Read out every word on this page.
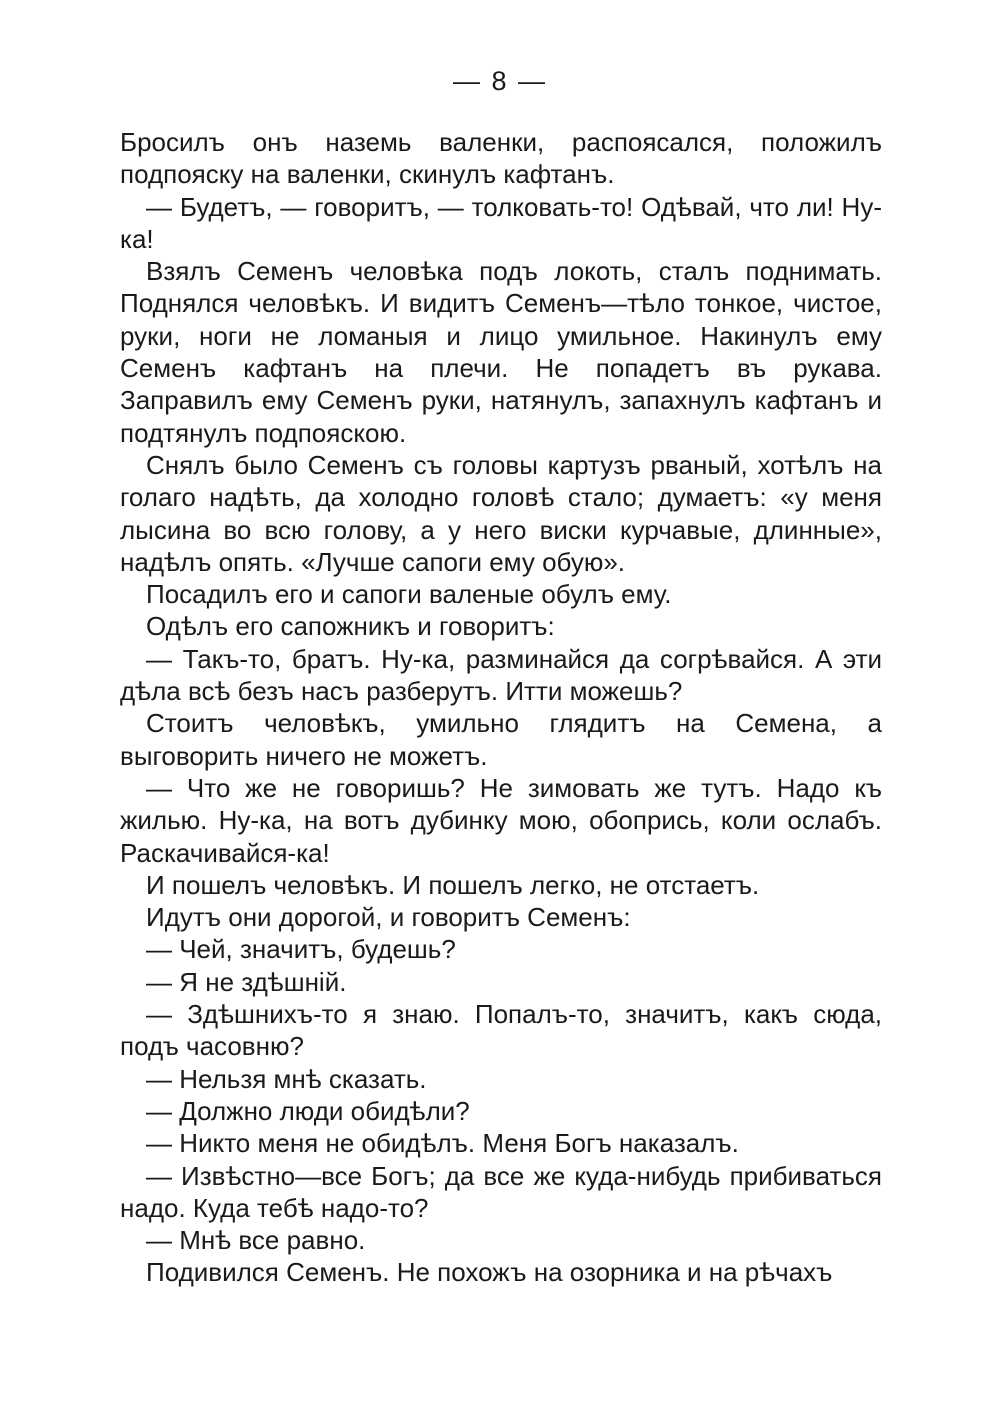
— 8 —

Бросилъ онъ наземь валенки, распоясался, положилъ подпояску на валенки, скинулъ кафтанъ.

— Будетъ, — говоритъ, — толковать-то! Одѣвай, что ли! Ну-ка!

Взялъ Семенъ человѣка подъ локоть, сталъ поднимать. Поднялся человѣкъ. И видитъ Семенъ—тѣло тонкое, чистое, руки, ноги не ломаныя и лицо умильное. Накинулъ ему Семенъ кафтанъ на плечи. Не попадетъ въ рукава. Заправилъ ему Семенъ руки, натянулъ, запахнулъ кафтанъ и подтянулъ подпояскою.

Снялъ было Семенъ съ головы картузъ рваный, хотѣлъ на голаго надѣть, да холодно головѣ стало; думаетъ: «у меня лысина во всю голову, а у него виски курчавые, длинные», надѣлъ опять. «Лучше сапоги ему обую».

Посадилъ его и сапоги валеные обулъ ему.

Одѣлъ его сапожникъ и говоритъ:

— Такъ-то, братъ. Ну-ка, разминайся да согрѣвайся. А эти дѣла всѣ безъ насъ разберутъ. Итти можешь?

Стоитъ человѣкъ, умильно глядитъ на Семена, а выговорить ничего не можетъ.

— Что же не говоришь? Не зимовать же тутъ. Надо къ жилью. Ну-ка, на вотъ дубинку мою, обопрись, коли ослабъ. Раскачивайся-ка!

И пошелъ человѣкъ. И пошелъ легко, не отстаетъ.

Идутъ они дорогой, и говоритъ Семенъ:

— Чей, значитъ, будешь?

— Я не здѣшній.

— Здѣшнихъ-то я знаю. Попалъ-то, значитъ, какъ сюда, подъ часовню?

— Нельзя мнѣ сказать.

— Должно люди обидѣли?

— Никто меня не обидѣлъ. Меня Богъ наказалъ.

— Извѣстно—все Богъ; да все же куда-нибудь прибиваться надо. Куда тебѣ надо-то?

— Мнѣ все равно.

Подивился Семенъ. Не похожъ на озорника и на рѣчахъ
